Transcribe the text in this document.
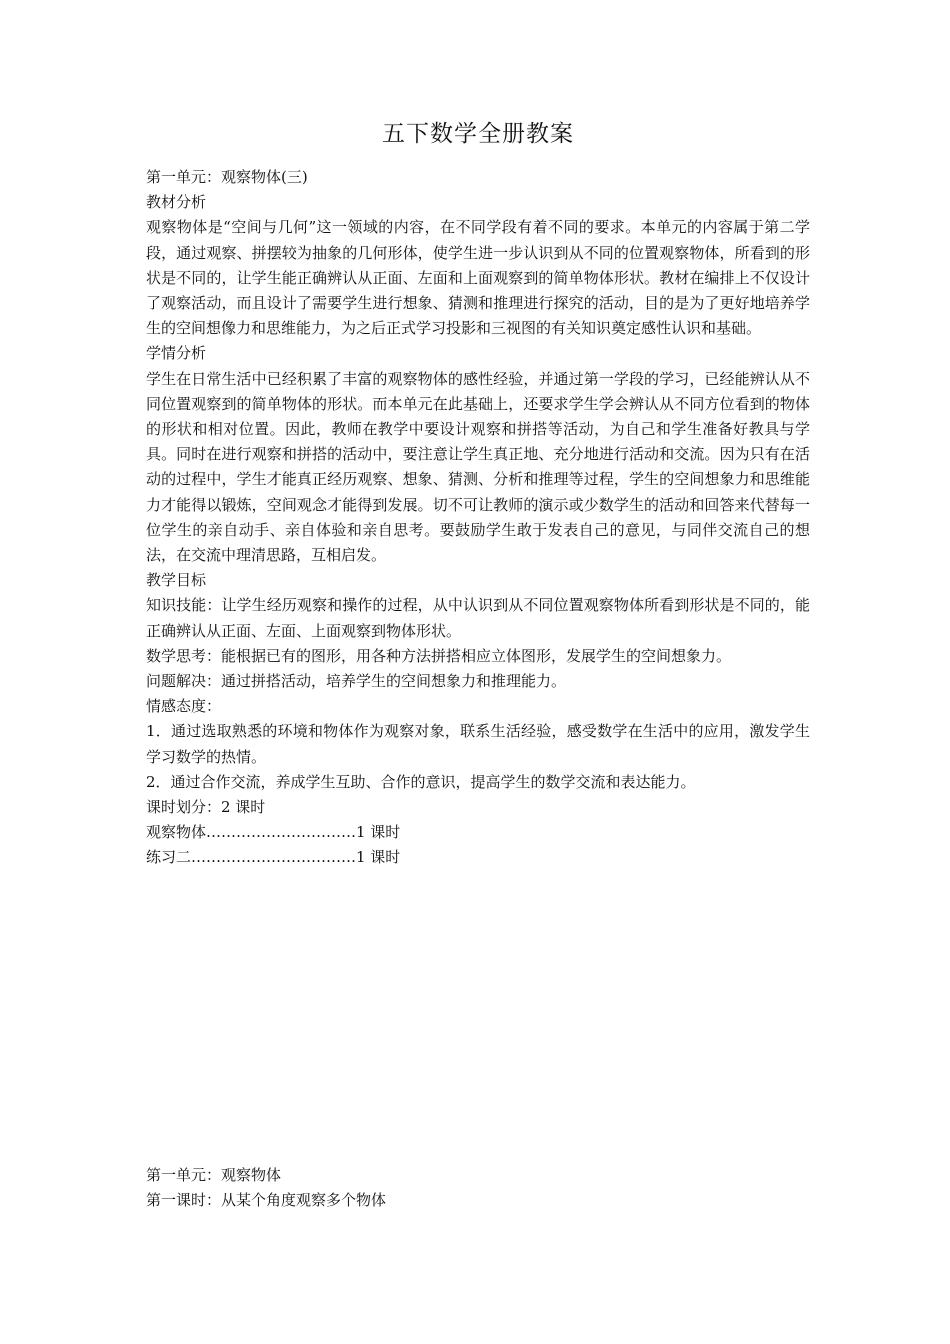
五下数学全册教案

第一单元：观察物体(三)

教材分析

观察物体是“空间与几何”这一领域的内容，在不同学段有着不同的要求。本单元的内容属于第二学段，通过观察、拼摆较为抽象的几何形体，使学生进一步认识到从不同的位置观察物体，所看到的形状是不同的，让学生能正确辨认从正面、左面和上面观察到的简单物体形状。教材在编排上不仅设计了观察活动，而且设计了需要学生进行想象、猜测和推理进行探究的活动，目的是为了更好地培养学生的空间想像力和思维能力，为之后正式学习投影和三视图的有关知识奠定感性认识和基础。

学情分析

学生在日常生活中已经积累了丰富的观察物体的感性经验，并通过第一学段的学习，已经能辨认从不同位置观察到的简单物体的形状。而本单元在此基础上，还要求学生学会辨认从不同方位看到的物体的形状和相对位置。因此，教师在教学中要设计观察和拼搭等活动，为自己和学生准备好教具与学具。同时在进行观察和拼搭的活动中，要注意让学生真正地、充分地进行活动和交流。因为只有在活动的过程中，学生才能真正经历观察、想象、猜测、分析和推理等过程，学生的空间想象力和思维能力才能得以锻炼，空间观念才能得到发展。切不可让教师的演示或少数学生的活动和回答来代替每一位学生的亲自动手、亲自体验和亲自思考。要鼓励学生敢于发表自己的意见，与同伴交流自己的想法，在交流中理清思路，互相启发。

教学目标

知识技能：让学生经历观察和操作的过程，从中认识到从不同位置观察物体所看到形状是不同的，能正确辨认从正面、左面、上面观察到物体形状。

数学思考：能根据已有的图形，用各种方法拼搭相应立体图形，发展学生的空间想象力。

问题解决：通过拼搭活动，培养学生的空间想象力和推理能力。

情感态度：

1．通过选取熟悉的环境和物体作为观察对象，联系生活经验，感受数学在生活中的应用，激发学生学习数学的热情。

2．通过合作交流，养成学生互助、合作的意识，提高学生的数学交流和表达能力。

课时划分：2 课时

观察物体…………………………1 课时

练习二……………………………1 课时

第一单元：观察物体

第一课时：从某个角度观察多个物体
